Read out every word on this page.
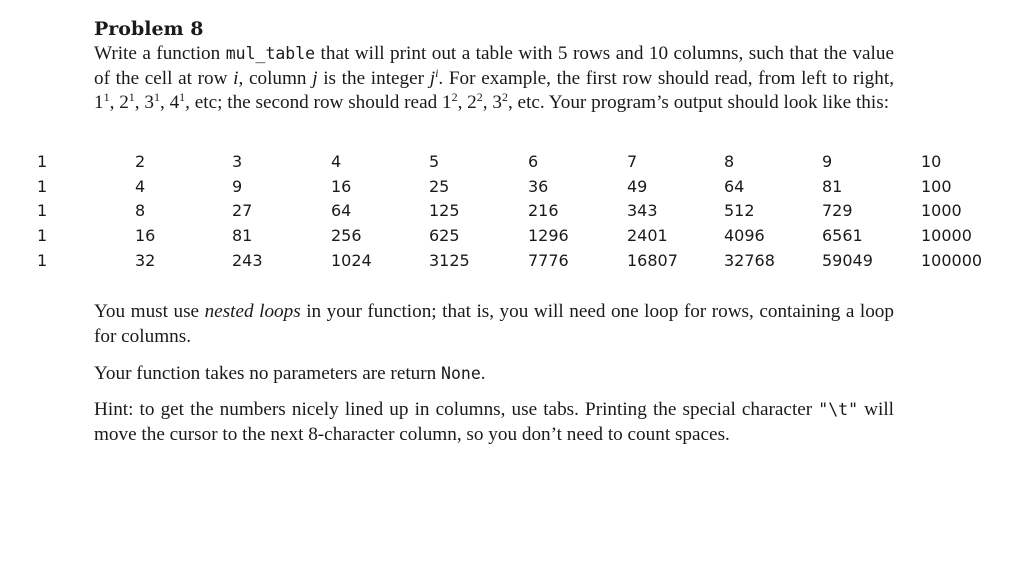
Problem 8

Write a function mul_table that will print out a table with 5 rows and 10 columns, such that the value of the cell at row i, column j is the integer $j^i$. For example, the first row should read, from left to right, $1^1$, $2^1$, $3^1$, $4^1$, etc; the second row should read $1^2$, $2^2$, $3^2$, etc. Your program’s output should look like this:

1	2	3	4	5	6	7	8	9	10
1	4	9	16	25	36	49	64	81	100
1	8	27	64	125	216	343	512	729	1000
1	16	81	256	625	1296	2401	4096	6561	10000
1	32	243	1024	3125	7776	16807	32768	59049	100000

You must use nested loops in your function; that is, you will need one loop for rows, containing a loop for columns.

Your function takes no parameters are return None.

Hint: to get the numbers nicely lined up in columns, use tabs. Printing the special character "\t" will move the cursor to the next 8-character column, so you don’t need to count spaces.
